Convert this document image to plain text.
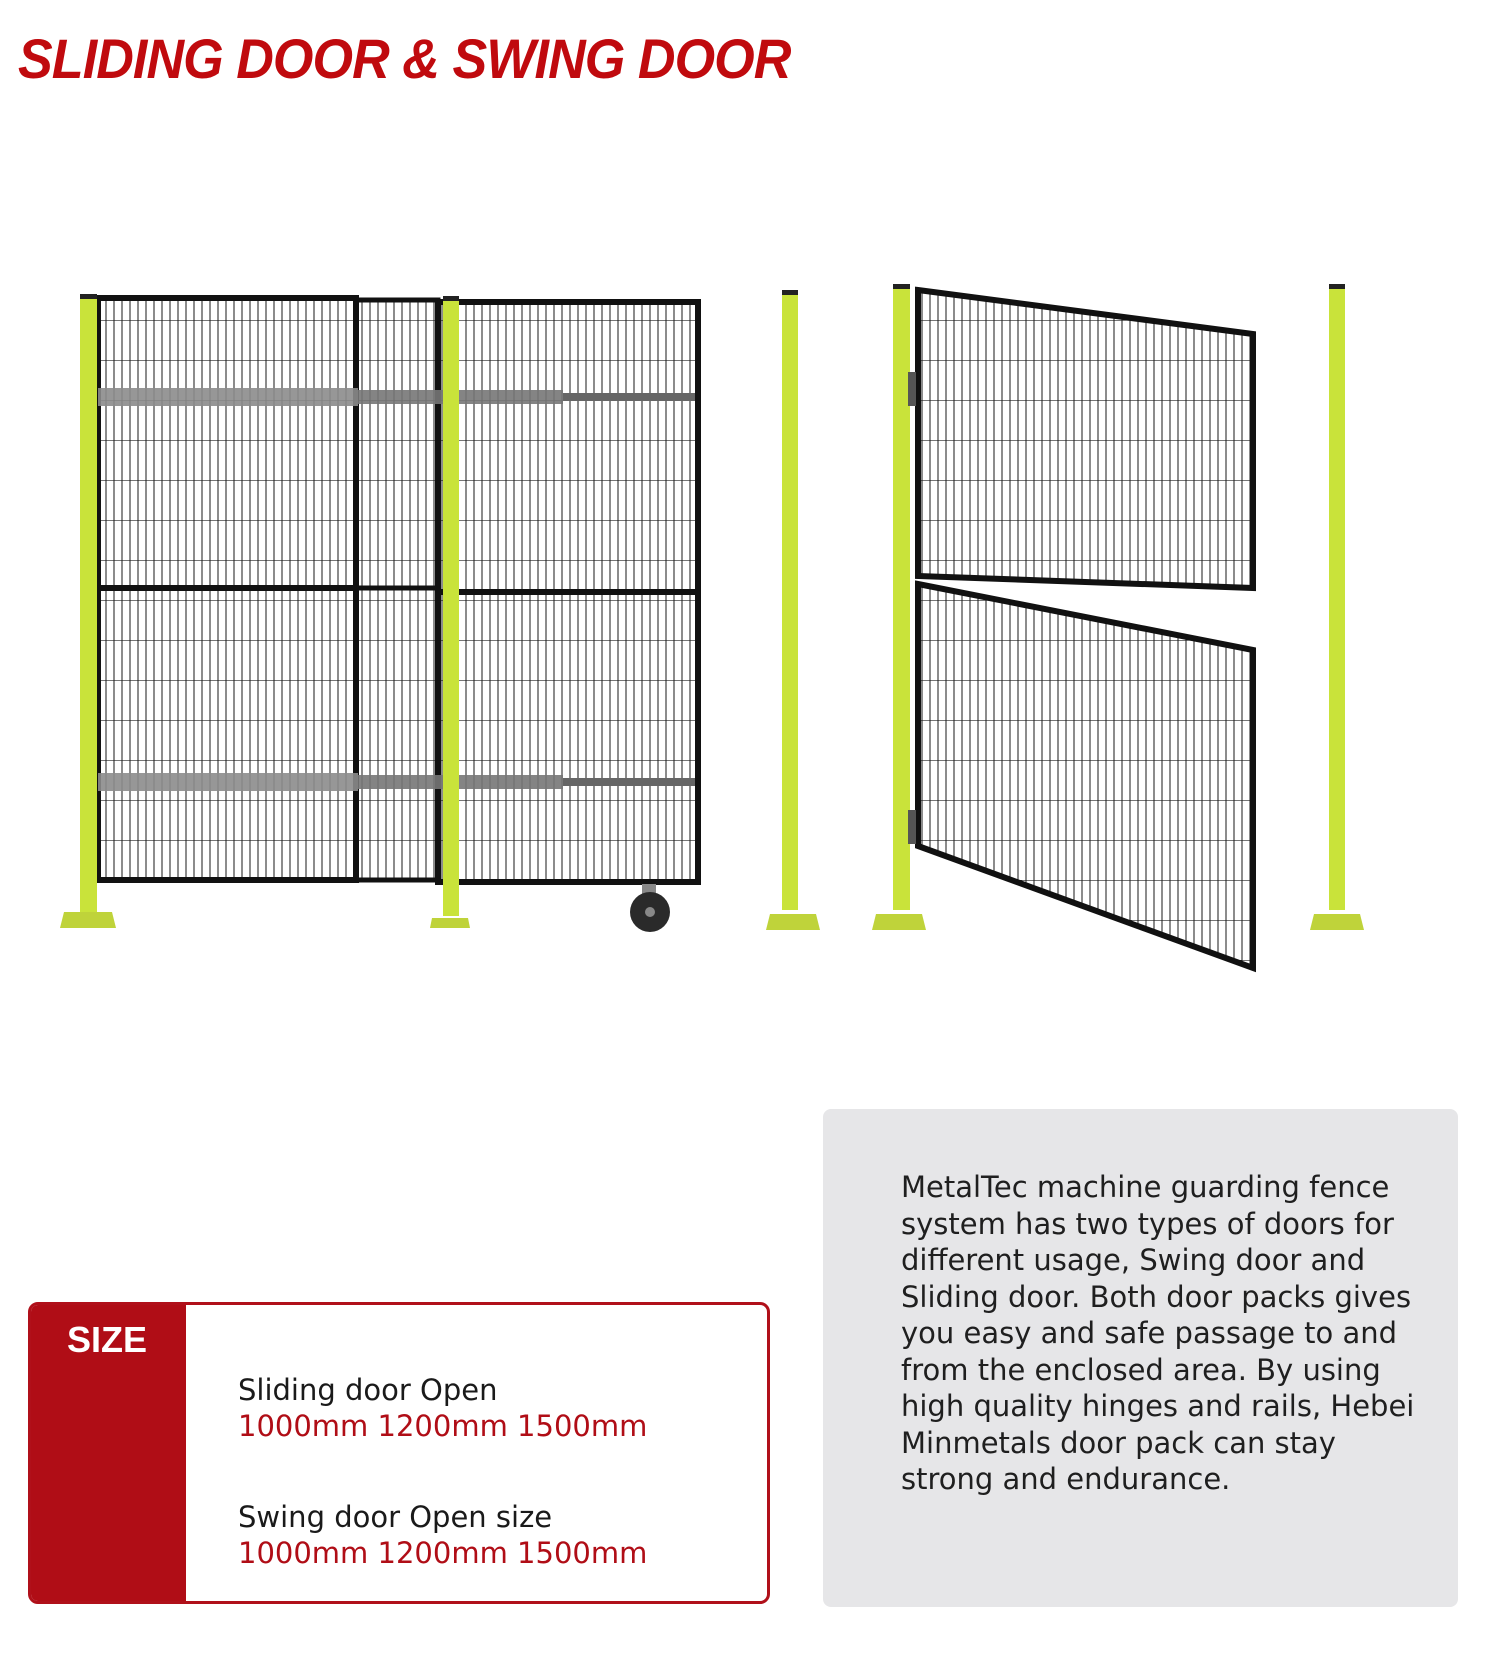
SLIDING DOOR & SWING DOOR
SIZE
Sliding door Open
1000mm 1200mm 1500mm
Swing door Open size
1000mm 1200mm 1500mm

MetalTec machine guarding fence system has two types of doors for different usage, Swing door and Sliding door. Both door packs gives you easy and safe passage to and from the enclosed area. By using high quality hinges and rails, Hebei Minmetals door pack can stay strong and endurance.
